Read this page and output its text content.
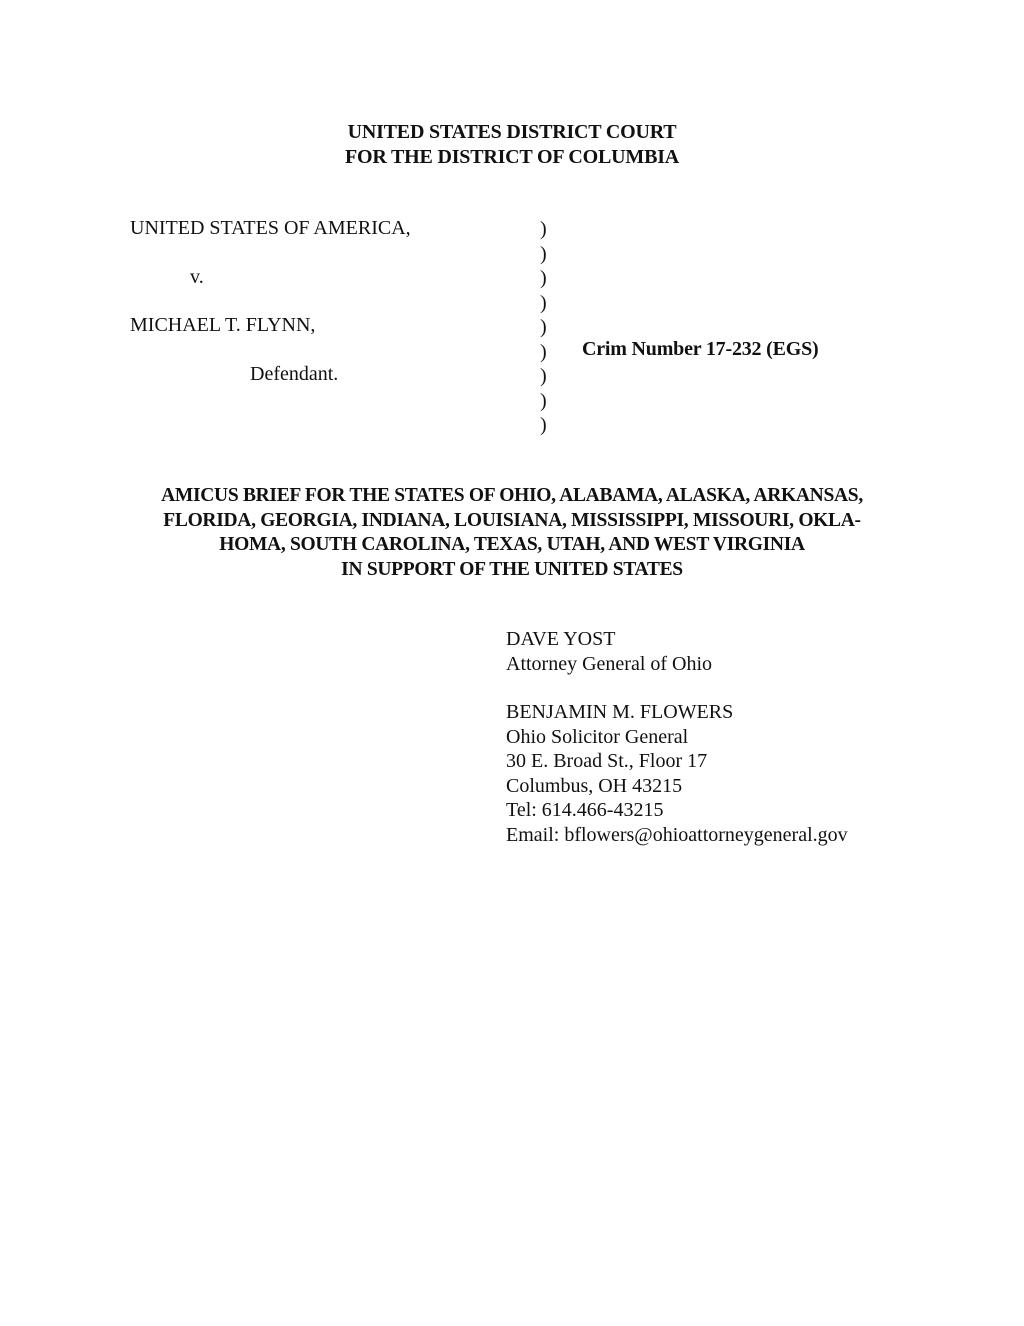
UNITED STATES DISTRICT COURT
FOR THE DISTRICT OF COLUMBIA
UNITED STATES OF AMERICA,
v.
MICHAEL T. FLYNN,
Defendant.
)
)
)
)
)
)
)
)
)
Crim Number 17-232 (EGS)
AMICUS BRIEF FOR THE STATES OF OHIO, ALABAMA, ALASKA, ARKANSAS,
FLORIDA, GEORGIA, INDIANA, LOUISIANA, MISSISSIPPI, MISSOURI, OKLA-
HOMA, SOUTH CAROLINA, TEXAS, UTAH, AND WEST VIRGINIA
IN SUPPORT OF THE UNITED STATES
DAVE YOST
Attorney General of Ohio
BENJAMIN M. FLOWERS
Ohio Solicitor General
30 E. Broad St., Floor 17
Columbus, OH 43215
Tel: 614.466-43215
Email: bflowers@ohioattorneygeneral.gov
